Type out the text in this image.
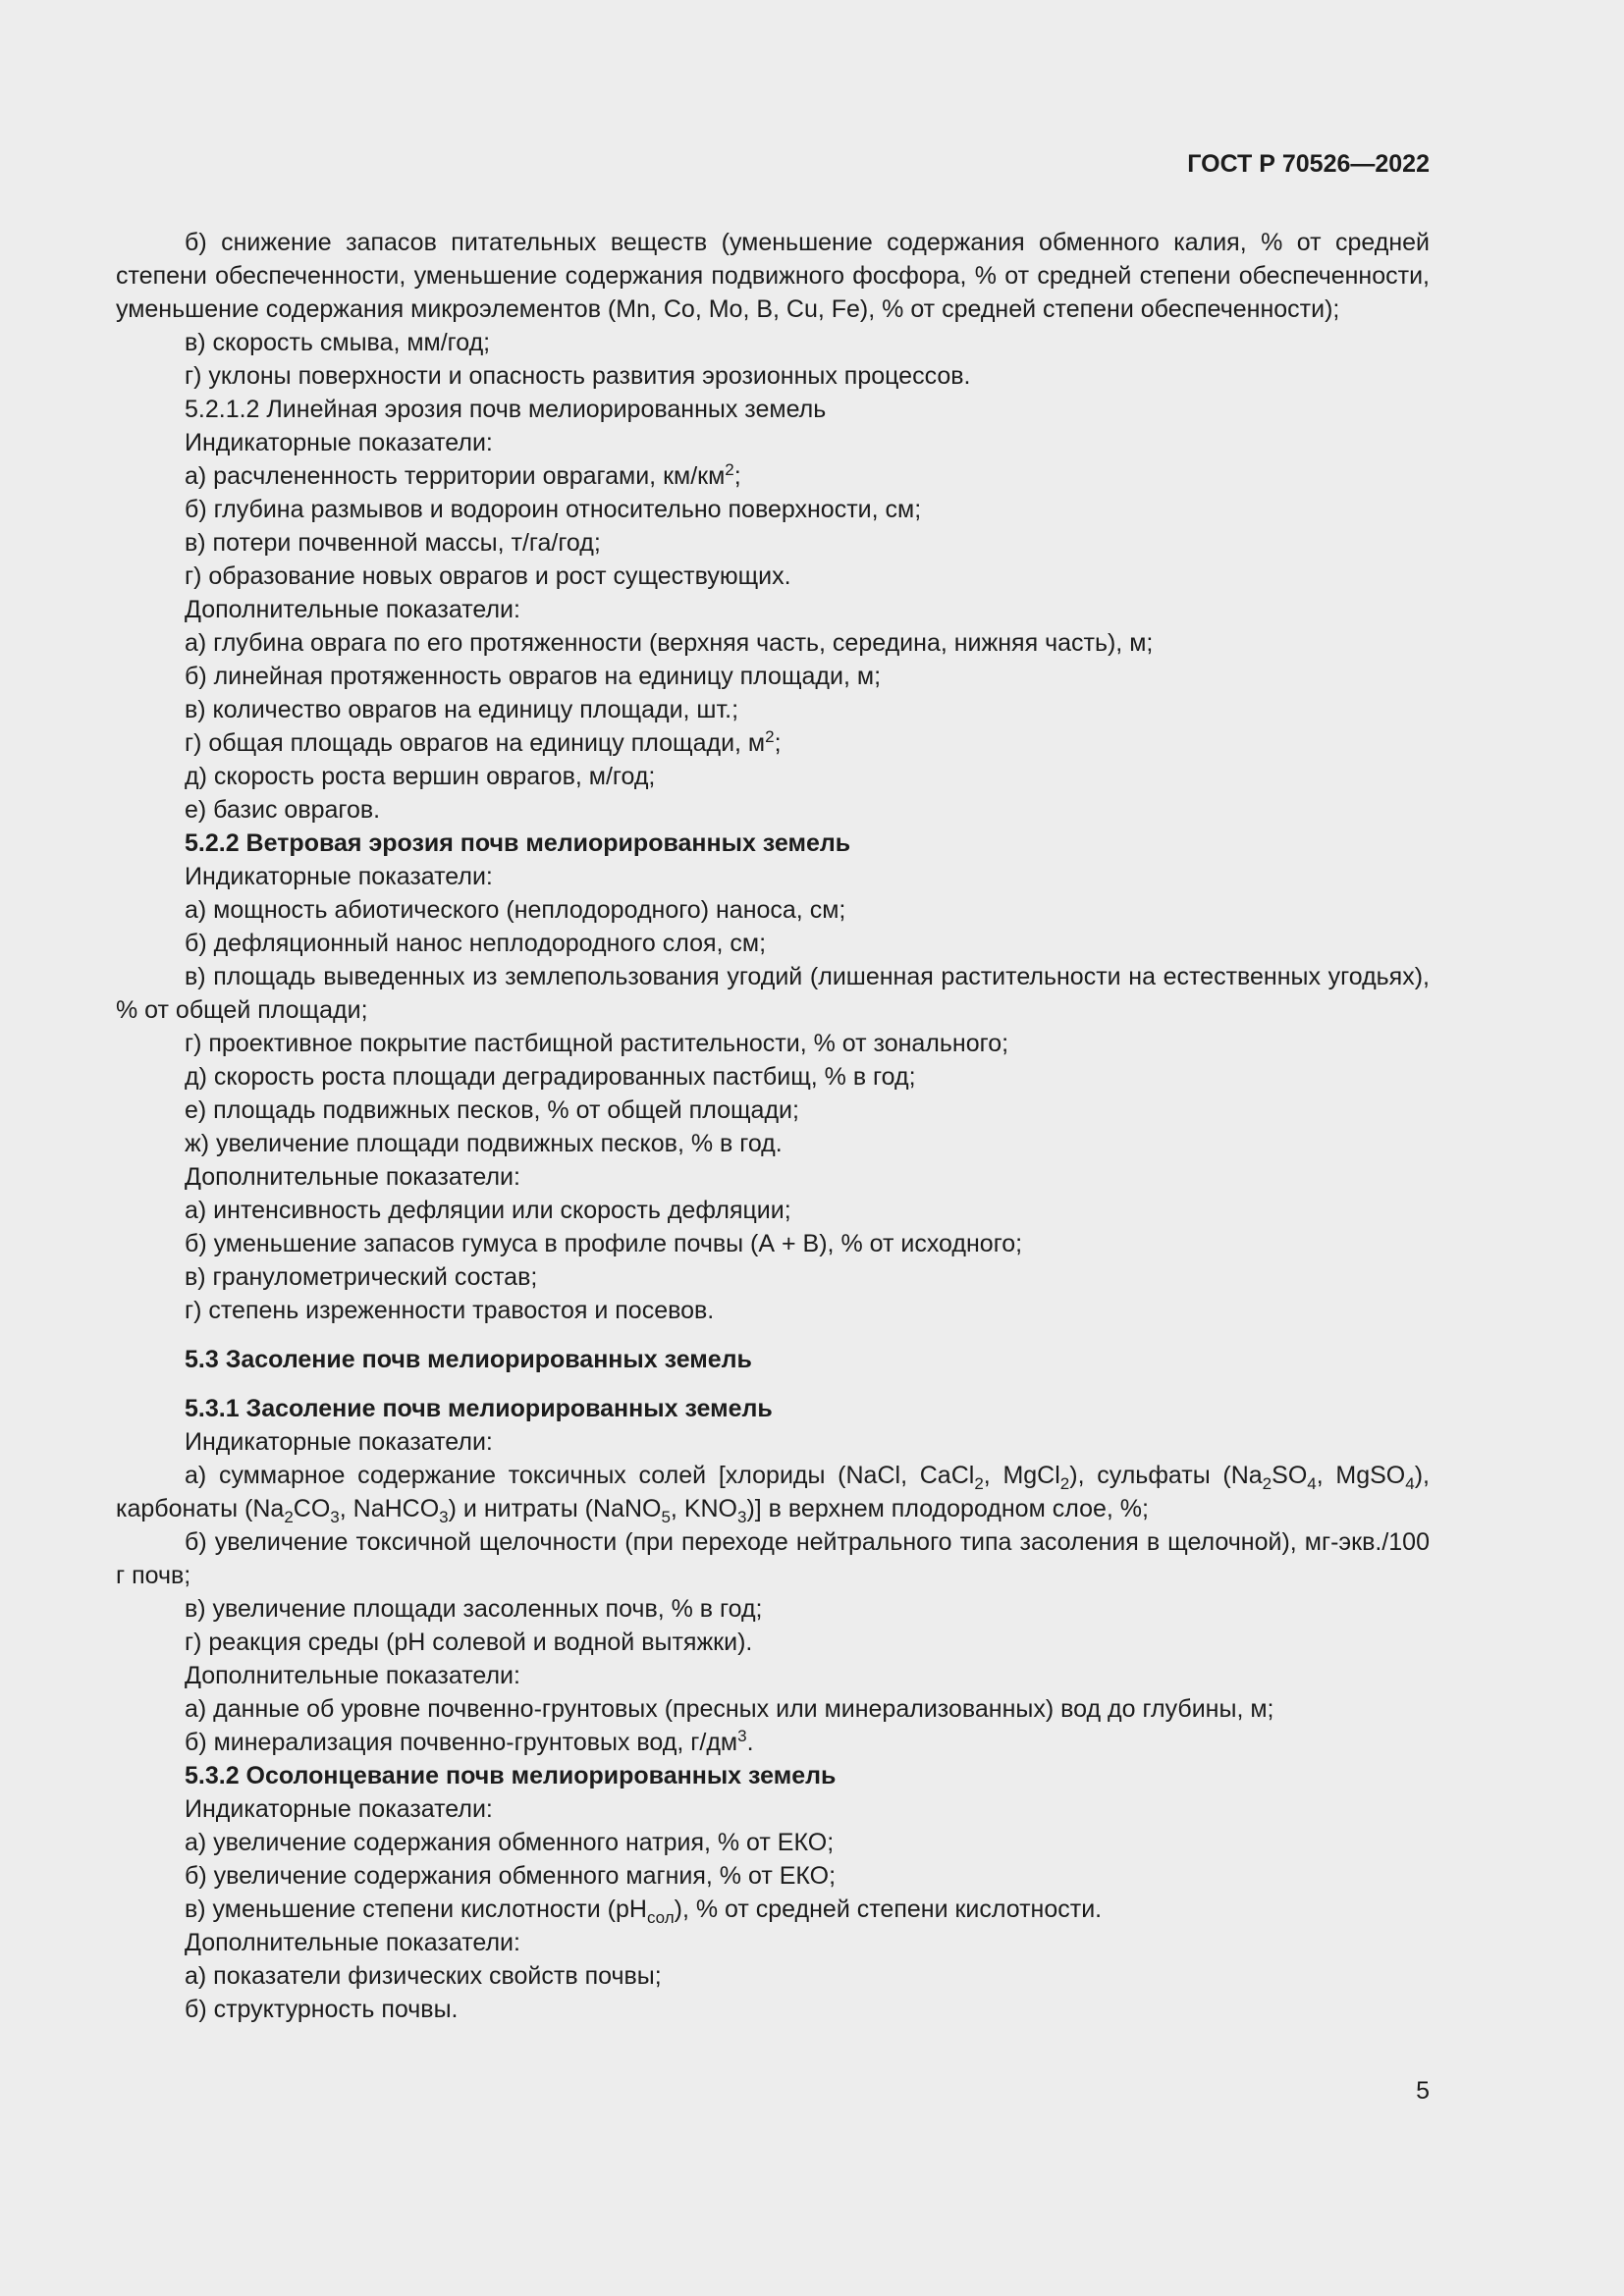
ГОСТ Р 70526—2022

б) снижение запасов питательных веществ (уменьшение содержания обменного калия, % от средней степени обеспеченности, уменьшение содержания подвижного фосфора, % от средней степени обеспеченности, уменьшение содержания микроэлементов (Mn, Co, Mo, B, Cu, Fe), % от средней степени обеспеченности);

в) скорость смыва, мм/год;

г) уклоны поверхности и опасность развития эрозионных процессов.

5.2.1.2 Линейная эрозия почв мелиорированных земель

Индикаторные показатели:

а) расчлененность территории оврагами, $км/км^2$;

б) глубина размывов и водороин относительно поверхности, см;

в) потери почвенной массы, т/га/год;

г) образование новых оврагов и рост существующих.

Дополнительные показатели:

а) глубина оврага по его протяженности (верхняя часть, середина, нижняя часть), м;

б) линейная протяженность оврагов на единицу площади, м;

в) количество оврагов на единицу площади, шт.;

г) общая площадь оврагов на единицу площади, $м^2$;

д) скорость роста вершин оврагов, м/год;

е) базис оврагов.

5.2.2 Ветровая эрозия почв мелиорированных земель

Индикаторные показатели:

а) мощность абиотического (неплодородного) наноса, см;

б) дефляционный нанос неплодородного слоя, см;

в) площадь выведенных из землепользования угодий (лишенная растительности на естественных угодьях), % от общей площади;

г) проективное покрытие пастбищной растительности, % от зонального;

д) скорость роста площади деградированных пастбищ, % в год;

е) площадь подвижных песков, % от общей площади;

ж) увеличение площади подвижных песков, % в год.

Дополнительные показатели:

а) интенсивность дефляции или скорость дефляции;

б) уменьшение запасов гумуса в профиле почвы (А + В), % от исходного;

в) гранулометрический состав;

г) степень изреженности травостоя и посевов.

5.3 Засоление почв мелиорированных земель

5.3.1 Засоление почв мелиорированных земель

Индикаторные показатели:

а) суммарное содержание токсичных солей [хлориды (NaCl, CaCl$_2$, MgCl$_2$), сульфаты ($Na_2SO_4$, MgSO$_4$), карбонаты ($Na_2CO_3$, NaHCO$_3$) и нитраты (NaNO$_5$, $KNO_3$)] в верхнем плодородном слое, %;

б) увеличение токсичной щелочности (при переходе нейтрального типа засоления в щелочной), мг-экв./100 г почв;

в) увеличение площади засоленных почв, % в год;

г) реакция среды (рН солевой и водной вытяжки).

Дополнительные показатели:

а) данные об уровне почвенно-грунтовых (пресных или минерализованных) вод до глубины, м;

б) минерализация почвенно-грунтовых вод, $г/дм^3$.

5.3.2 Осолонцевание почв мелиорированных земель

Индикаторные показатели:

а) увеличение содержания обменного натрия, % от ЕКО;

б) увеличение содержания обменного магния, % от ЕКО;

в) уменьшение степени кислотности $(рН_{сол})$, % от средней степени кислотности.

Дополнительные показатели:

а) показатели физических свойств почвы;

б) структурность почвы.

5
